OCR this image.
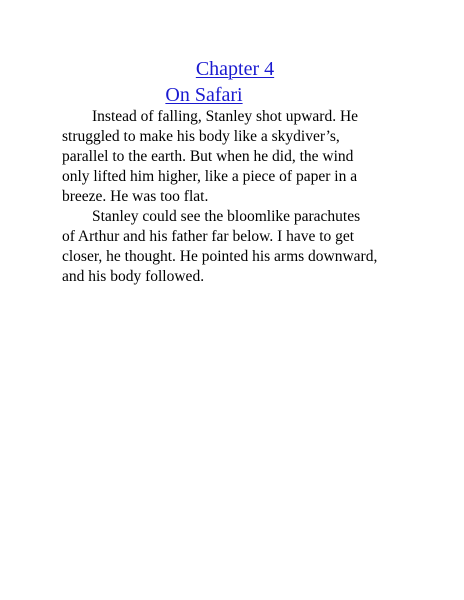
Chapter 4
On Safari

Instead of falling, Stanley shot upward. He
struggled to make his body like a skydiver’s,
parallel to the earth. But when he did, the wind
only lifted him higher, like a piece of paper in a
breeze. He was too flat.

Stanley could see the bloomlike parachutes
of Arthur and his father far below. I have to get
closer, he thought. He pointed his arms downward,
and his body followed.
